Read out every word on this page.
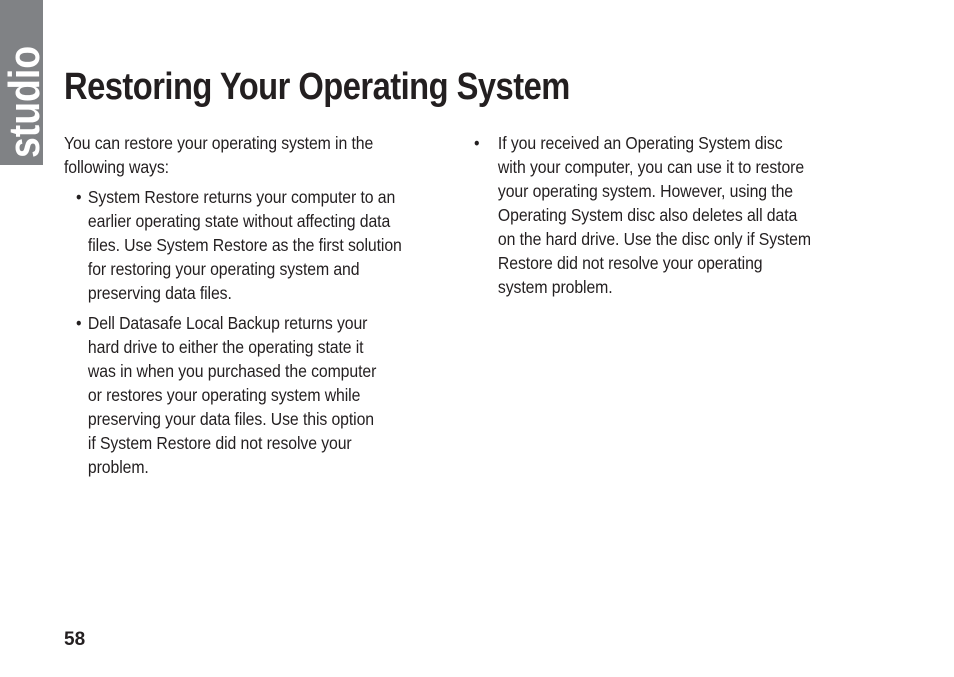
studio Restoring Your Operating System

You can restore your operating system in the
following ways:

• System Restore returns your computer to an
earlier operating state without affecting data
files. Use System Restore as the first solution
for restoring your operating system and
preserving data files.
• Dell Datasafe Local Backup returns your
hard drive to either the operating state it
was in when you purchased the computer
or restores your operating system while
preserving your data files. Use this option
if System Restore did not resolve your
problem.
• If you received an Operating System disc
with your computer, you can use it to restore
your operating system. However, using the
Operating System disc also deletes all data
on the hard drive. Use the disc only if System
Restore did not resolve your operating
system problem.
58
